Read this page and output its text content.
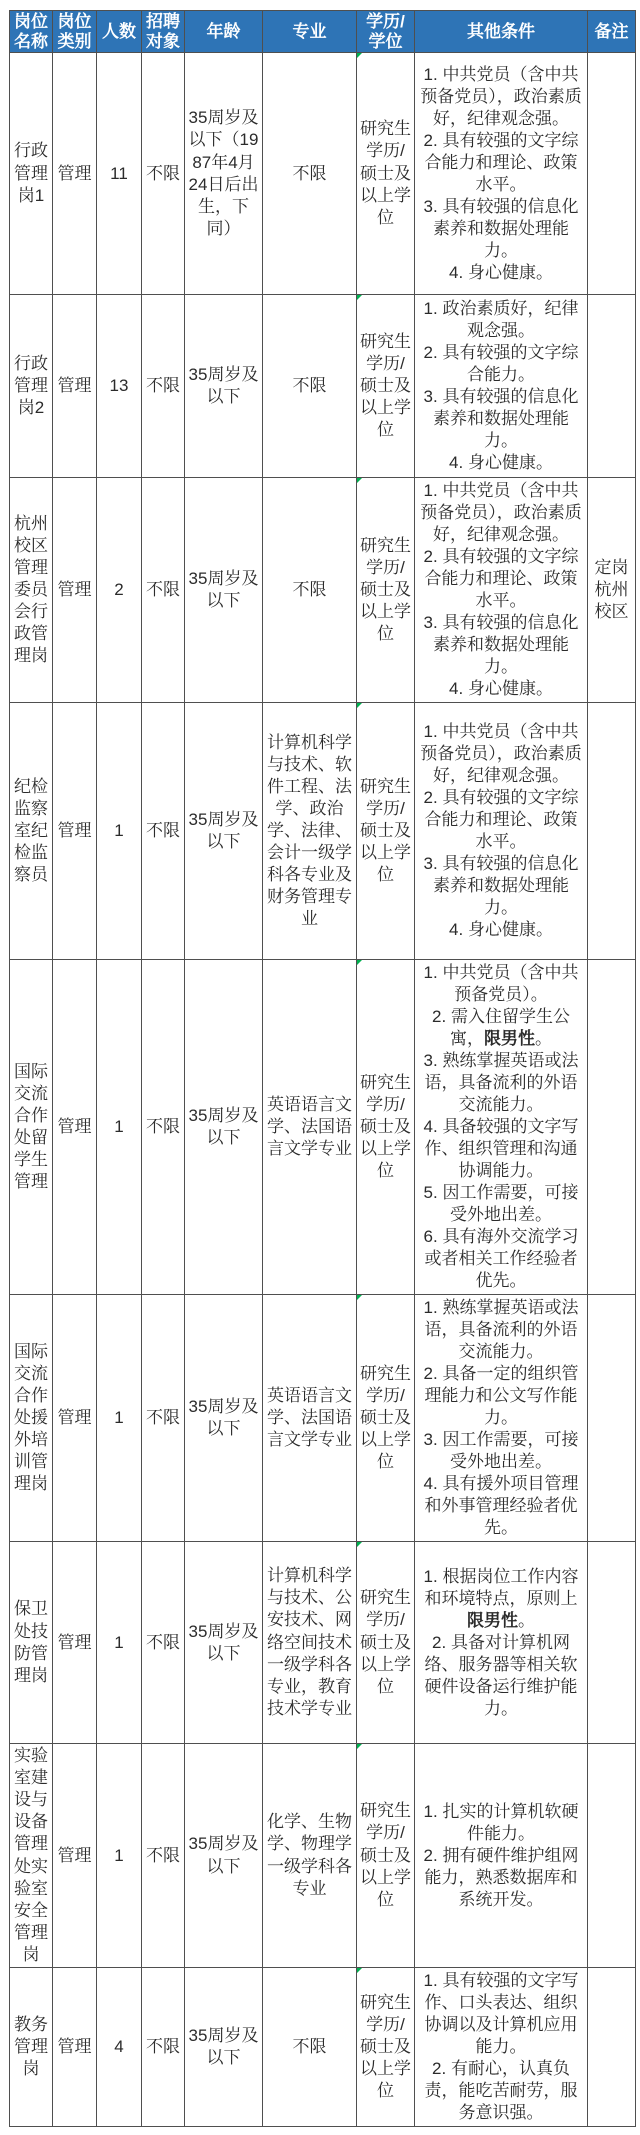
岗位名称	岗位类别	人数	招聘对象	年龄	专业	学历/学位	其他条件	备注
行政管理岗1	管理	11	不限	35周岁及以下（1987年4月24日后出生，下同）	不限	研究生学历/硕士及以上学位	1. 中共党员（含中共预备党员），政治素质好，纪律观念强。

2. 具有较强的文字综合能力和理论、政策水平。

3. 具有较强的信息化素养和数据处理能力。

4. 身心健康。	

行政管理岗2	管理	13	不限	35周岁及以下	不限	研究生学历/硕士及以上学位	1. 政治素质好，纪律观念强。

2. 具有较强的文字综合能力。

3. 具有较强的信息化素养和数据处理能力。

4. 身心健康。	

杭州校区管理委员会行政管理岗	管理	2	不限	35周岁及以下	不限	研究生学历/硕士及以上学位	1. 中共党员（含中共预备党员），政治素质好，纪律观念强。

2. 具有较强的文字综合能力和理论、政策水平。

3. 具有较强的信息化素养和数据处理能力。

4. 身心健康。	定岗杭州校区
纪检监察室纪检监察员	管理	1	不限	35周岁及以下	计算机科学与技术、软件工程、法学、政治学、法律、会计一级学科各专业及财务管理专业	研究生学历/硕士及以上学位	1. 中共党员（含中共预备党员），政治素质好，纪律观念强。

2. 具有较强的文字综合能力和理论、政策水平。

3. 具有较强的信息化素养和数据处理能力。

4. 身心健康。	

国际交流合作处留学生管理	管理	1	不限	35周岁及以下	英语语言文学、法国语言文学专业	研究生学历/硕士及以上学位	

1. 中共党员（含中共预备党员）。

2. 需入住留学生公寓，限男性。

3. 熟练掌握英语或法语，具备流利的外语交流能力。

4. 具备较强的文字写作、组织管理和沟通协调能力。

5. 因工作需要，可接受外地出差。

6. 具有海外交流学习或者相关工作经验者优先。

国际交流合作处援外培训管理岗	管理	1	不限	35周岁及以下	英语语言文学、法国语言文学专业	研究生学历/硕士及以上学位	1. 熟练掌握英语或法语，具备流利的外语交流能力。

2. 具备一定的组织管理能力和公文写作能力。

3. 因工作需要，可接受外地出差。

4. 具有援外项目管理和外事管理经验者优先。	

保卫处技防管理岗	管理	1	不限	35周岁及以下	计算机科学与技术、公安技术、网络空间技术一级学科各专业，教育技术学专业	研究生学历/硕士及以上学位	1. 根据岗位工作内容和环境特点，原则上限男性。

2. 具备对计算机网络、服务器等相关软硬件设备运行维护能力。	

实验室建设与设备管理处实验室安全管理岗	管理	1	不限	35周岁及以下	化学、生物学、物理学一级学科各专业	研究生学历/硕士及以上学位	1. 扎实的计算机软硬件能力。

2. 拥有硬件维护组网能力，熟悉数据库和系统开发。	

教务管理岗	管理	4	不限	35周岁及以下	不限	研究生学历/硕士及以上学位	1. 具有较强的文字写作、口头表达、组织协调以及计算机应用能力。

2. 有耐心，认真负责，能吃苦耐劳，服务意识强。	
